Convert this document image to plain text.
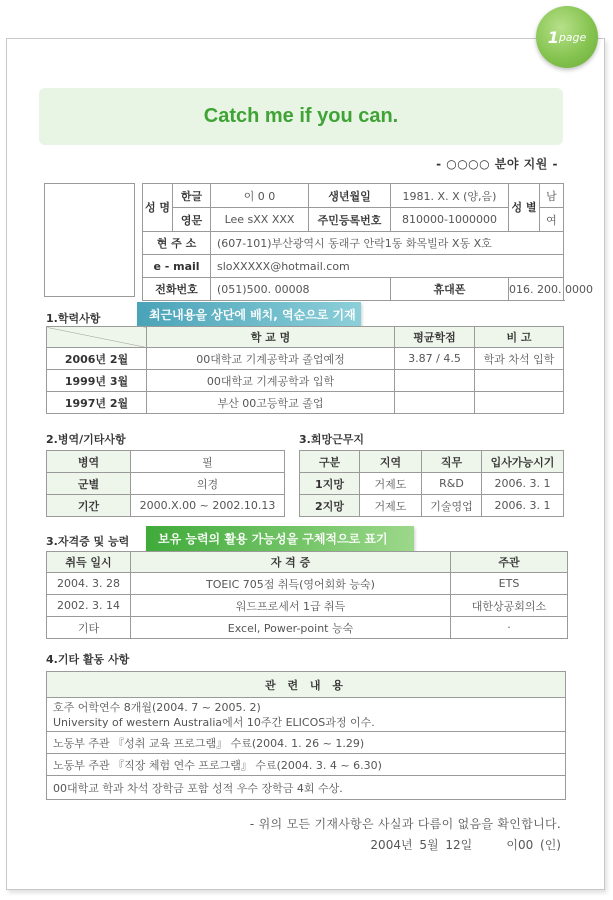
1 page
Catch me if you can.
- ○○○○ 분야 지원 -
성 명	한글	이 0 0	생년월일	1981. X. X (양,음)	성 별	남
	영문	Lee sXX XXX	주민등록번호	810000-1000000		여
현 주 소		(607-101)부산광역시 동래구 안락1동 화목빌라 X동 X호				
e - mail		sloXXXXX@hotmail.com				
전화번호		(051)500. 00008		휴대폰	016. 200. 0000	
1.학력사항	최근내용을 상단에 배치, 역순으로 기재
	학 교 명	평균학점	비 고
2006년 2월	00대학교 기계공학과 졸업예정	3.87 / 4.5	학과 차석 입학
1999년 3월	00대학교 기계공학과 입학		
1997년 2월	부산 00고등학교 졸업		
2.병역/기타사항
병역	필
군별	의경
기간	2000.X.00 ~ 2002.10.13
3.희망근무지
구분	지역	직무	입사가능시기
1지망	거제도	R&D	2006. 3. 1
2지망	거제도	기술영업	2006. 3. 1
3.자격증 및 능력	보유 능력의 활용 가능성을 구체적으로 표기
취득 일시	자 격 증	주관
2004. 3. 28	TOEIC 705점 취득(영어회화 능숙)	ETS
2002. 3. 14	워드프로세서 1급 취득	대한상공회의소
기타	Excel, Power-point 능숙	·
4.기타 활동 사항
관 련 내 용

호주 어학연수 8개월(2004. 7 ~ 2005. 2)
University of western Australia에서 10주간 ELICOS과정 이수.

노동부 주관 『성취 교육 프로그램』 수료(2004. 1. 26 ~ 1.29)
노동부 주관 『직장 체험 연수 프로그램』 수료(2004. 3. 4 ~ 6.30)
00대학교 학과 차석 장학금 포함 성적 우수 장학금 4회 수상.
- 위의 모든 기재사항은 사실과 다름이 없음을 확인합니다.
2004년 5월 12일	이00 (인)
